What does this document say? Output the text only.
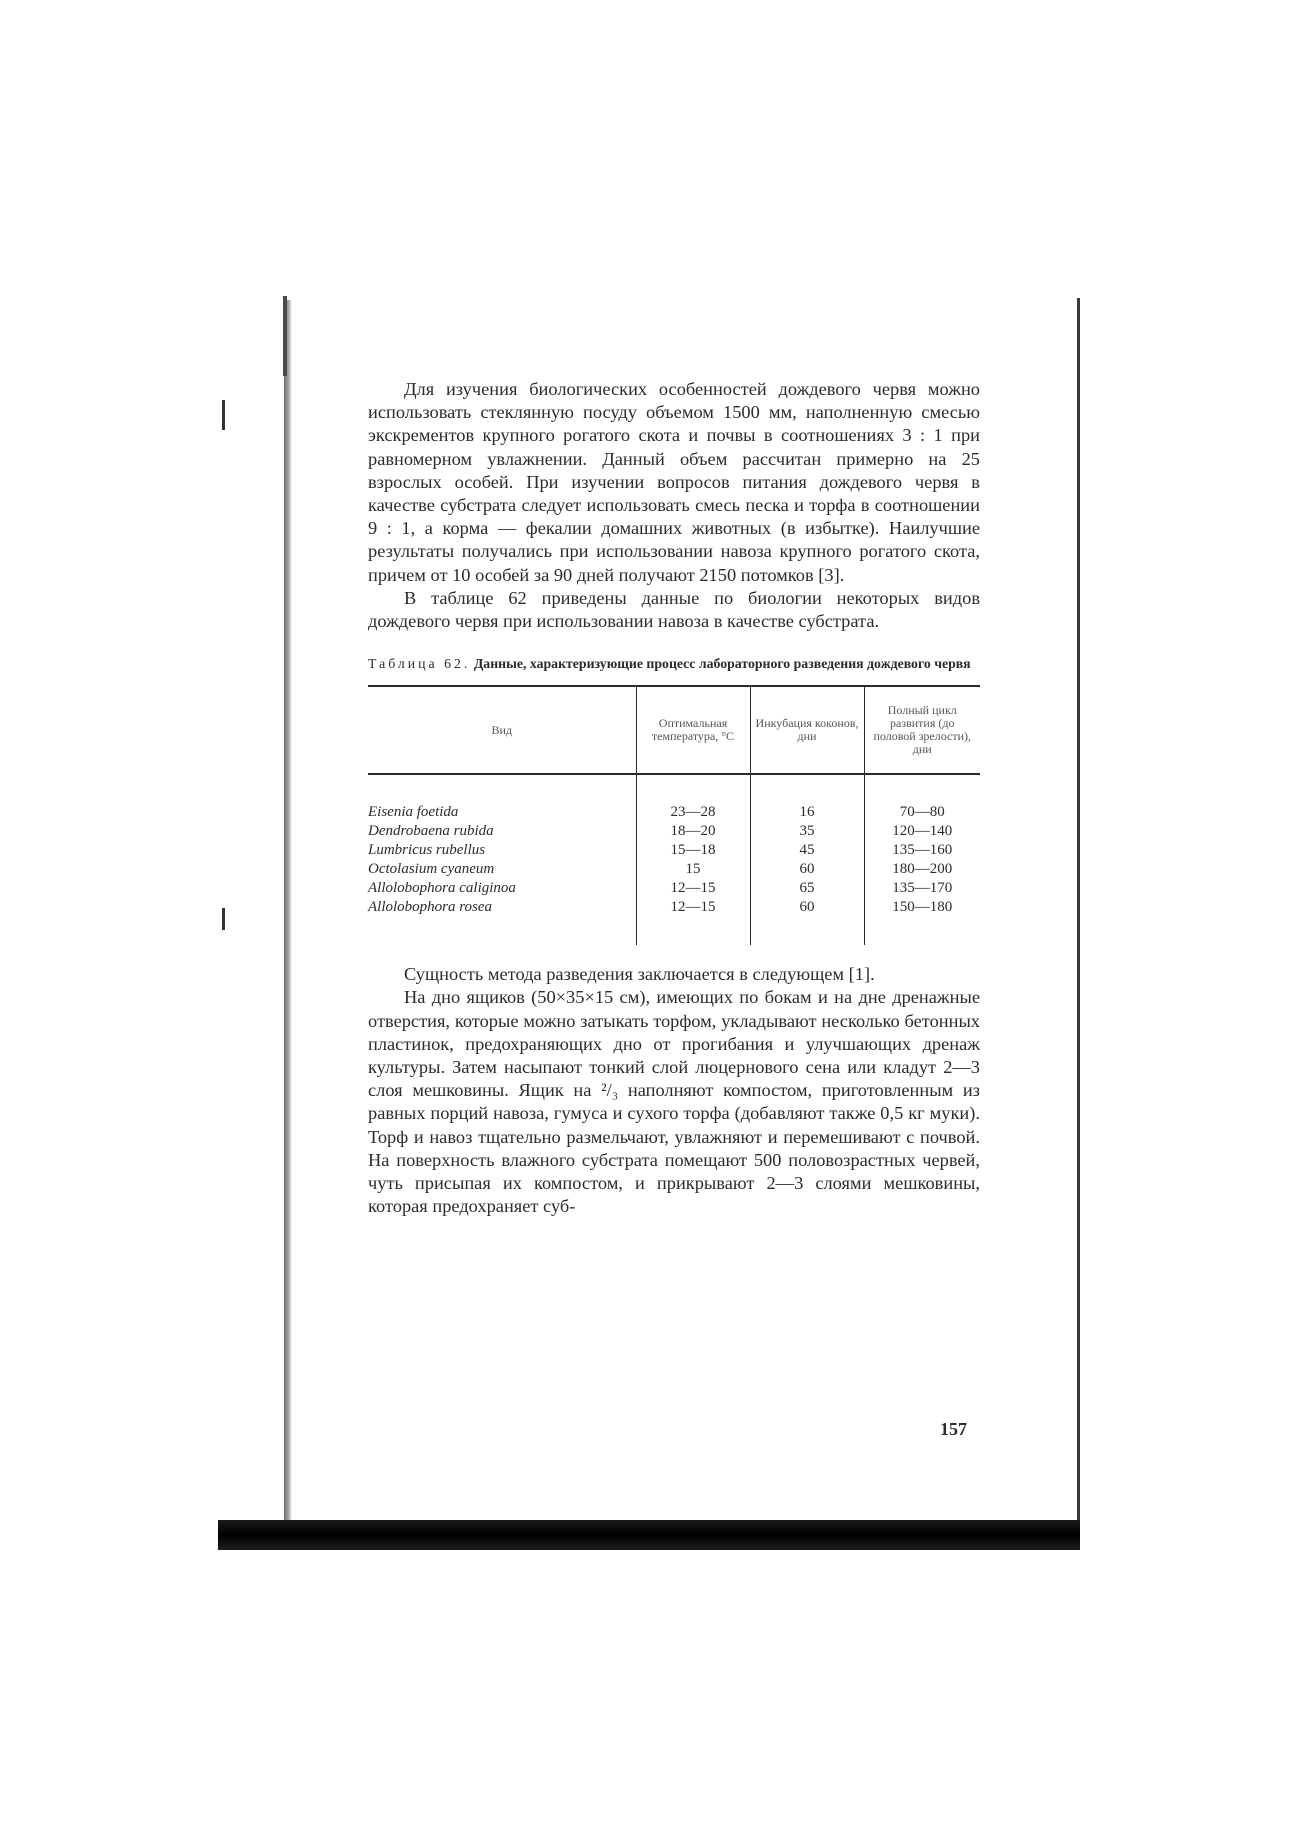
Для изучения биологических особенностей дождевого червя можно использовать стеклянную посуду объемом 1500 мм, наполненную смесью экскрементов крупного рогатого скота и почвы в соотношениях 3 : 1 при равномерном увлажнении. Данный объем рассчитан примерно на 25 взрослых особей. При изучении вопросов питания дождевого червя в качестве субстрата следует использовать смесь песка и торфа в соотношении 9 : 1, а корма — фекалии домашних животных (в избытке). Наилучшие результаты получались при использовании навоза крупного рогатого скота, причем от 10 особей за 90 дней получают 2150 потомков [3].

В таблице 62 приведены данные по биологии некоторых видов дождевого червя при использовании навоза в качестве субстрата.

Таблица 62. Данные, характеризующие процесс лабораторного разведения дождевого червя
Вид	Оптимальная температура, °С	Инкубация коконов, дни	Полный цикл развития (до половой зрелости), дни
Eisenia foetida	23—28	16	70—80
Dendrobaena rubida	18—20	35	120—140
Lumbricus rubellus	15—18	45	135—160
Octolasium cyaneum	15	60	180—200
Allolobophora caliginoa	12—15	65	135—170
Allolobophora rosea	12—15	60	150—180

Сущность метода разведения заключается в следующем [1].

На дно ящиков (50×35×15 см), имеющих по бокам и на дне дренажные отверстия, которые можно затыкать торфом, укладывают несколько бетонных пластинок, предохраняющих дно от прогибания и улучшающих дренаж культуры. Затем насыпают тонкий слой люцернового сена или кладут 2—3 слоя мешковины. Ящик на ²/₃ наполняют компостом, приготовленным из равных порций навоза, гумуса и сухого торфа (добавляют также 0,5 кг муки). Торф и навоз тщательно размельчают, увлажняют и перемешивают с почвой. На поверхность влажного субстрата помещают 500 половозрастных червей, чуть присыпая их компостом, и прикрывают 2—3 слоями мешковины, которая предохраняет суб-

157
